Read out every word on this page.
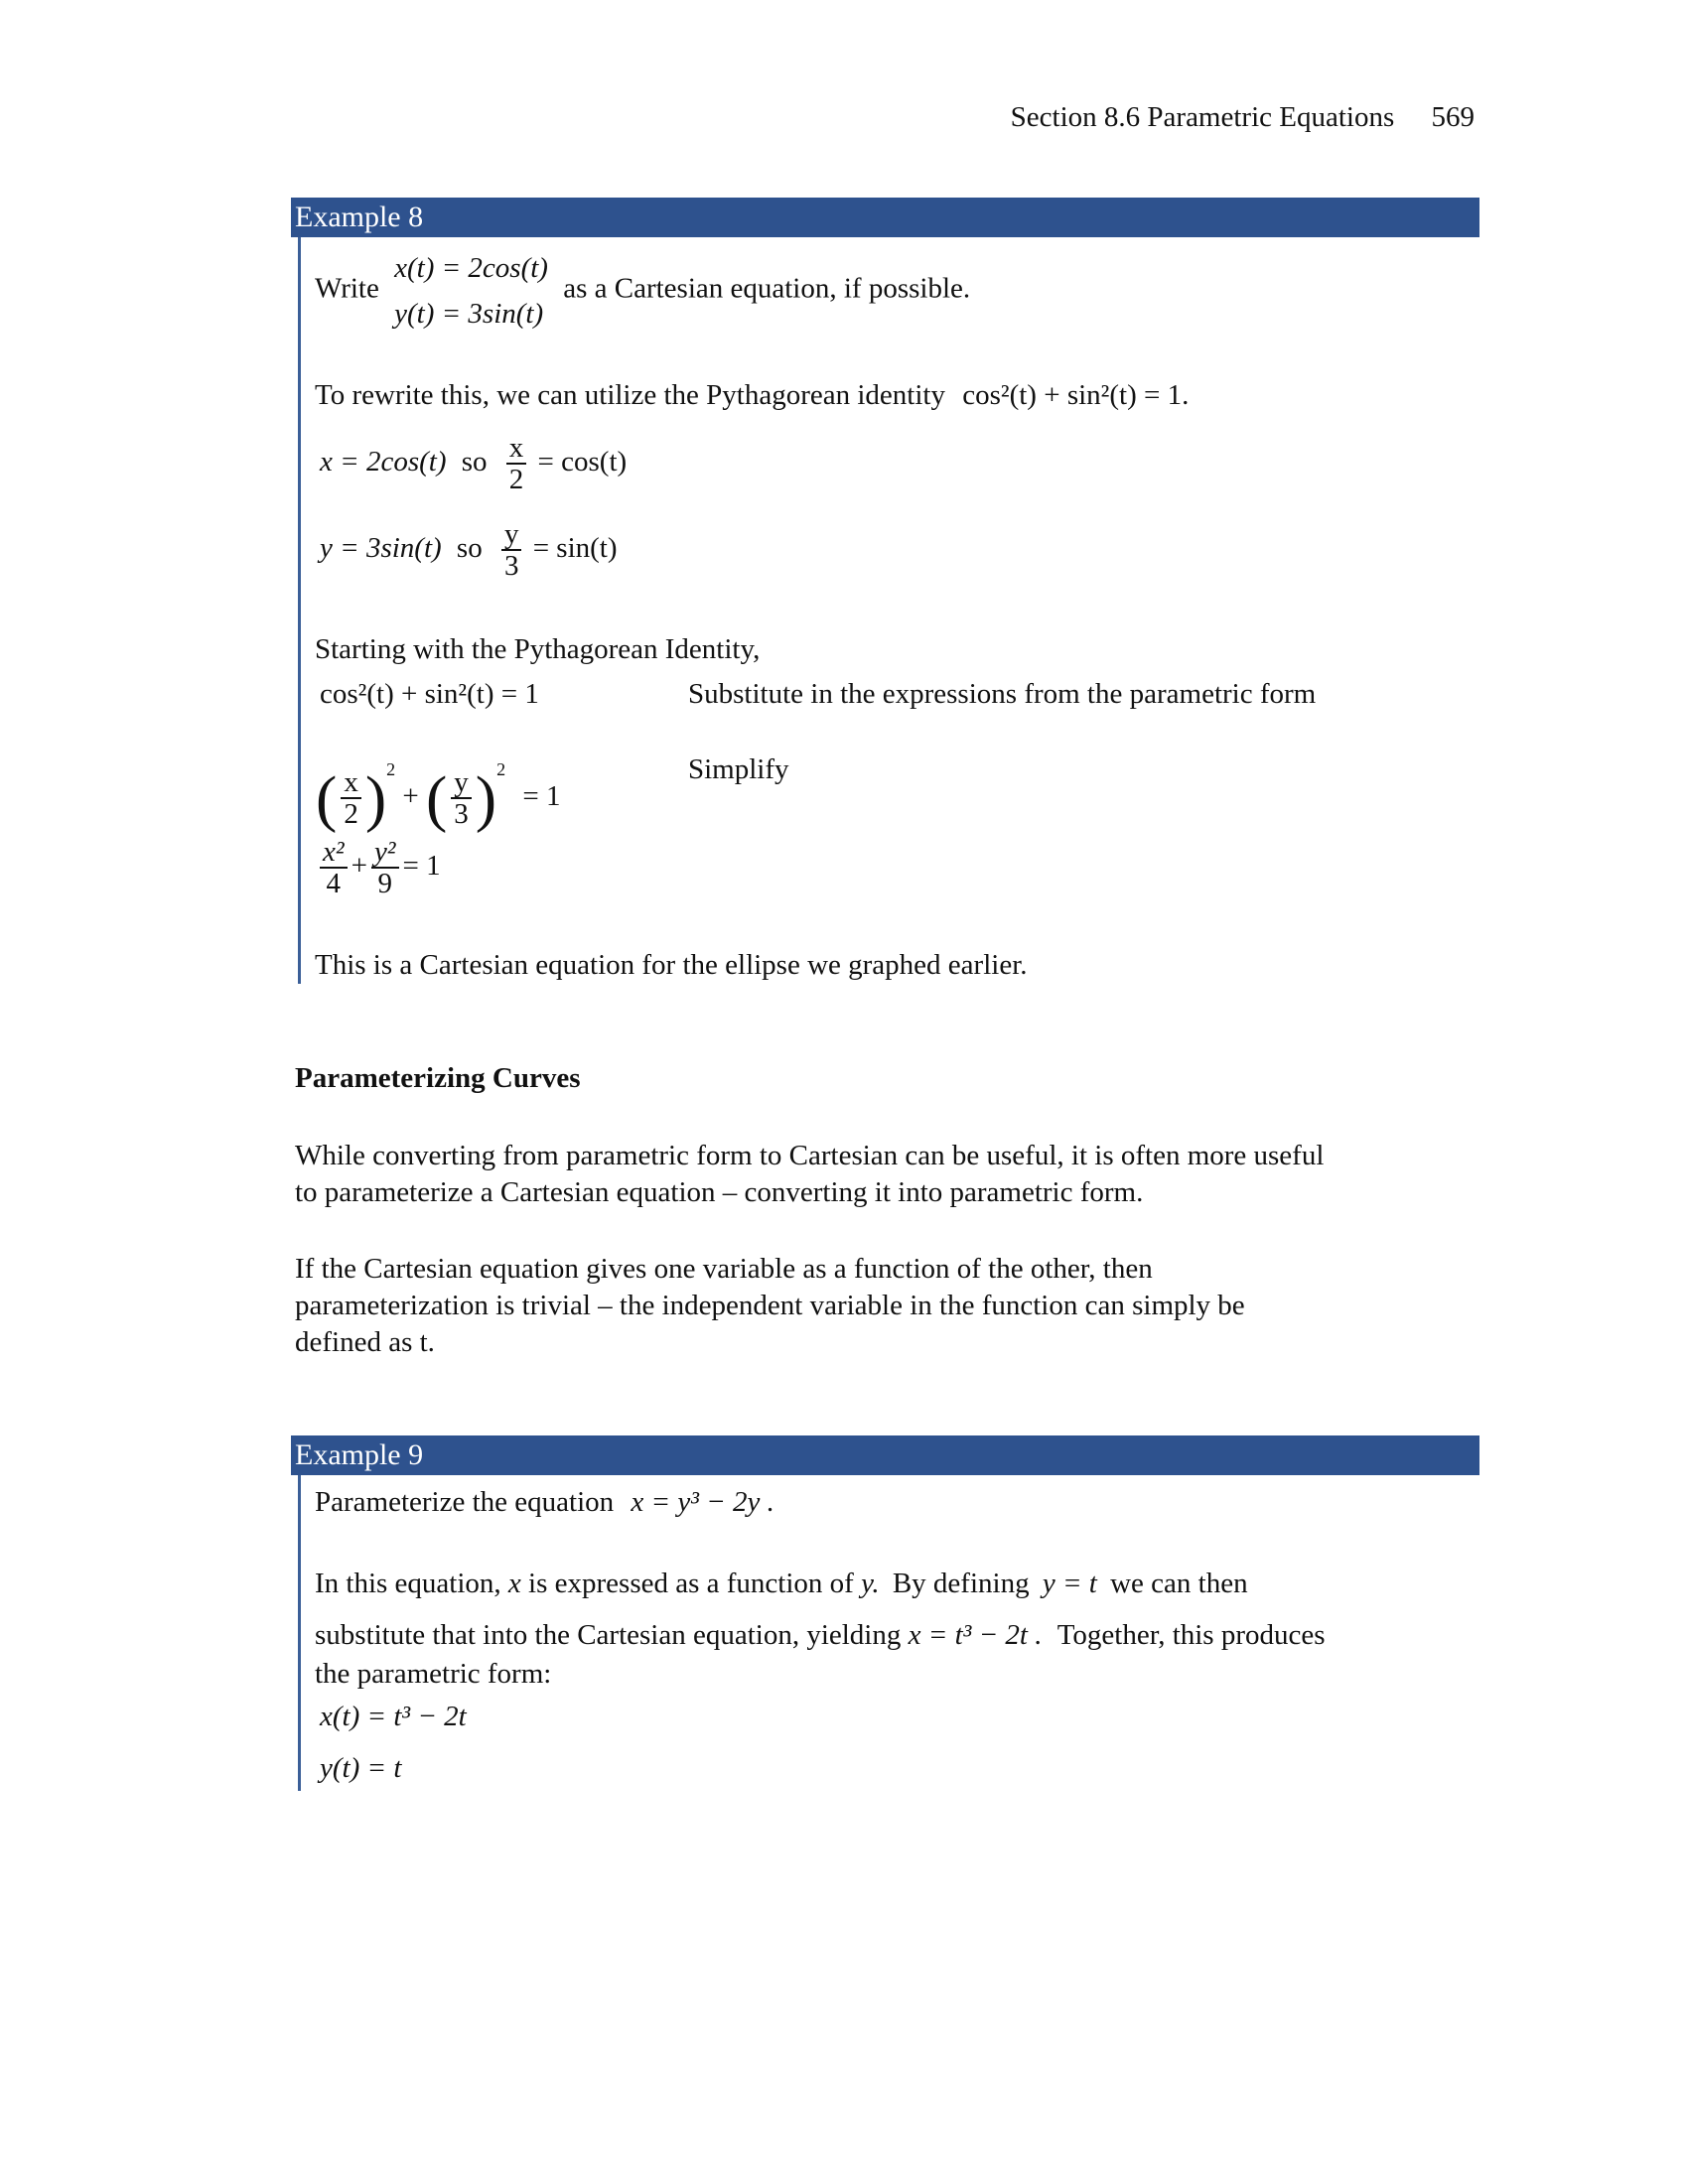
Section 8.6 Parametric Equations 569
Example 8
Write
x(t) = 2cos(t)
y(t) = 3sin(t)
as a Cartesian equation, if possible.
To rewrite this, we can utilize the Pythagorean identity cos²(t) + sin²(t) = 1.
x = 2cos(t) so $\frac{x}{2} = \cos(t)$
y = 3sin(t) so $\frac{y}{3} = \sin(t)$
Starting with the Pythagorean Identity,
cos²(t) + sin²(t) = 1	Substitute in the expressions from the parametric form
( $\frac{x}{2} )^2$ + ( $\frac{y}{3} )^2 = 1$
Simplify
$\frac{\text{x²}}{4} + \frac{\text{y²}}{9} = 1$
This is a Cartesian equation for the ellipse we graphed earlier.
Parameterizing Curves
While converting from parametric form to Cartesian can be useful, it is often more useful
to parameterize a Cartesian equation – converting it into parametric form.
If the Cartesian equation gives one variable as a function of the other, then
parameterization is trivial – the independent variable in the function can simply be
defined as t.
Example 9
Parameterize the equation x = y³ − 2y .
In this equation, x is expressed as a function of y. By defining y = t we can then
substitute that into the Cartesian equation, yielding x = t³ − 2t . Together, this produces
the parametric form:
x(t) = t³ − 2t
y(t) = t
